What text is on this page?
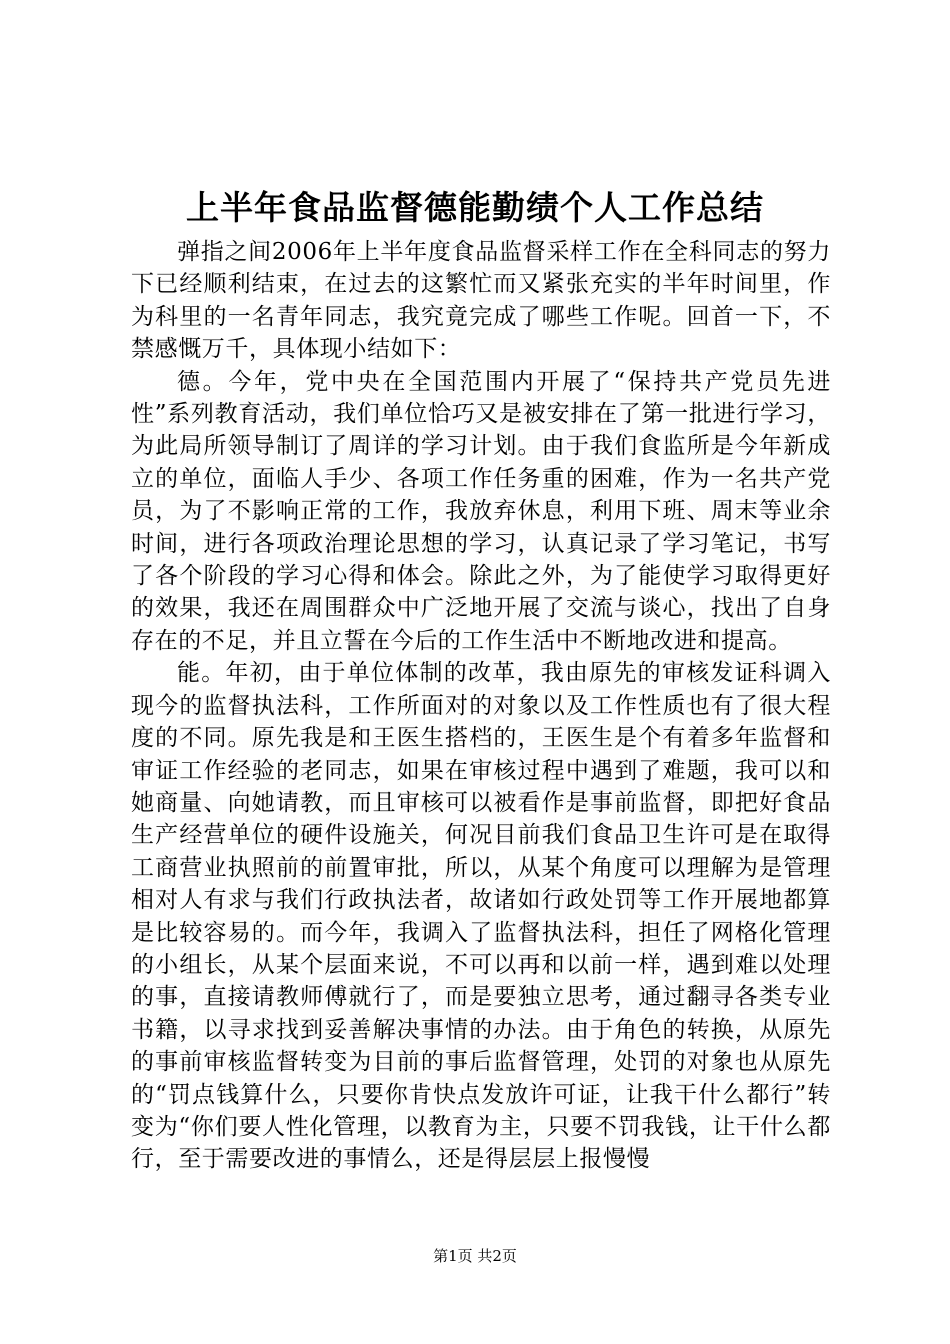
上半年食品监督德能勤绩个人工作总结

弹指之间2006年上半年度食品监督采样工作在全科同志的努力下已经顺利结束，在过去的这繁忙而又紧张充实的半年时间里，作为科里的一名青年同志，我究竟完成了哪些工作呢。回首一下，不禁感慨万千，具体现小结如下：

德。今年，党中央在全国范围内开展了“保持共产党员先进性”系列教育活动，我们单位恰巧又是被安排在了第一批进行学习，为此局所领导制订了周详的学习计划。由于我们食监所是今年新成立的单位，面临人手少、各项工作任务重的困难，作为一名共产党员，为了不影响正常的工作，我放弃休息，利用下班、周末等业余时间，进行各项政治理论思想的学习，认真记录了学习笔记，书写了各个阶段的学习心得和体会。除此之外，为了能使学习取得更好的效果，我还在周围群众中广泛地开展了交流与谈心，找出了自身存在的不足，并且立誓在今后的工作生活中不断地改进和提高。

能。年初，由于单位体制的改革，我由原先的审核发证科调入现今的监督执法科，工作所面对的对象以及工作性质也有了很大程度的不同。原先我是和王医生搭档的，王医生是个有着多年监督和审证工作经验的老同志，如果在审核过程中遇到了难题，我可以和她商量、向她请教，而且审核可以被看作是事前监督，即把好食品生产经营单位的硬件设施关，何况目前我们食品卫生许可是在取得工商营业执照前的前置审批，所以，从某个角度可以理解为是管理相对人有求与我们行政执法者，故诸如行政处罚等工作开展地都算是比较容易的。而今年，我调入了监督执法科，担任了网格化管理的小组长，从某个层面来说，不可以再和以前一样，遇到难以处理的事，直接请教师傅就行了，而是要独立思考，通过翻寻各类专业书籍，以寻求找到妥善解决事情的办法。由于角色的转换，从原先的事前审核监督转变为目前的事后监督管理，处罚的对象也从原先的“罚点钱算什么，只要你肯快点发放许可证，让我干什么都行”转变为“你们要人性化管理，以教育为主，只要不罚我钱，让干什么都行，至于需要改进的事情么，还是得层层上报慢慢

第1页 共2页
